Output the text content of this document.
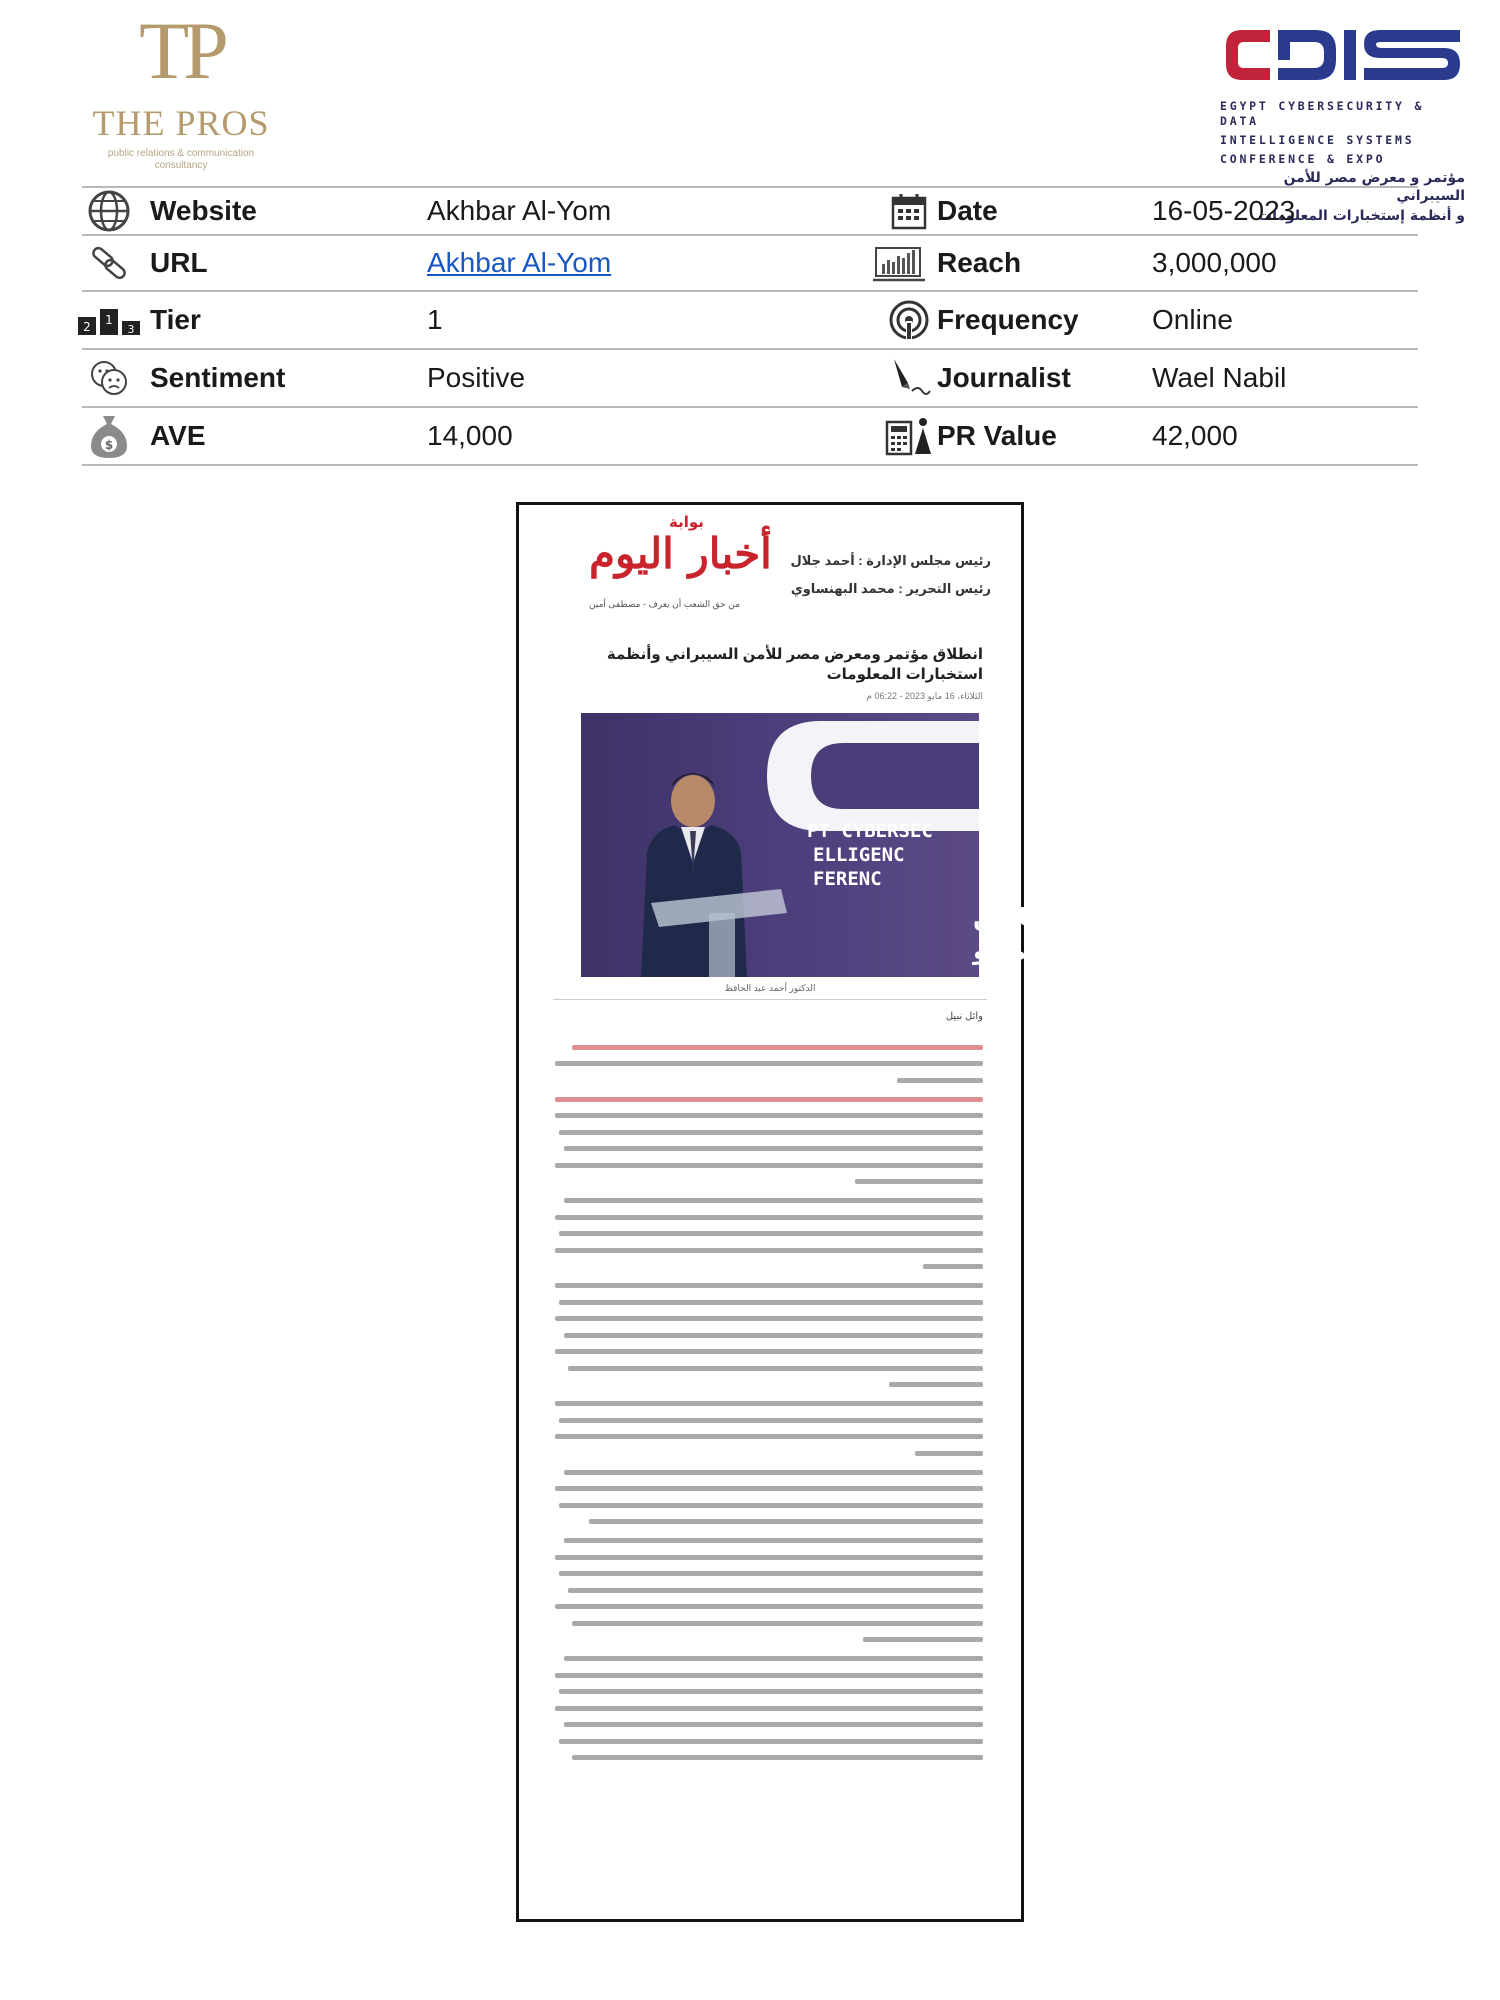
TP
THE PROS
public relations & communication consultancy
CDIS
EGYPT CYBERSECURITY & DATA
INTELLIGENCE SYSTEMS
CONFERENCE & EXPO
مؤتمر و معرض مصر للأمن السيبراني
و أنظمة إستخبارات المعلومات
Website	Akhbar Al-Yom	Date	16-05-2023
URL	Akhbar Al-Yom	Reach	3,000,000
2 1
3 Tier	1	Frequency	Online
Sentiment	Positive	Journalist	Wael Nabil
$ AVE	14,000	PR Value	42,000
بوابة
أخبار اليوم
من حق الشعب أن يعرف - مصطفى أمين
رئيس مجلس الإدارة : أحمد جلال
رئيس التحرير : محمد البهنساوي
انطلاق مؤتمر ومعرض مصر للأمن السيبراني وأنظمة استخبارات المعلومات
الثلاثاء، 16 مايو 2023 - 06:22 م
PT CYBERSEC
ELLIGENC
FERENC
مصر للأمن
بارات المعلو
الدكتور أحمد عبد الحافظ
وائل نبيل
